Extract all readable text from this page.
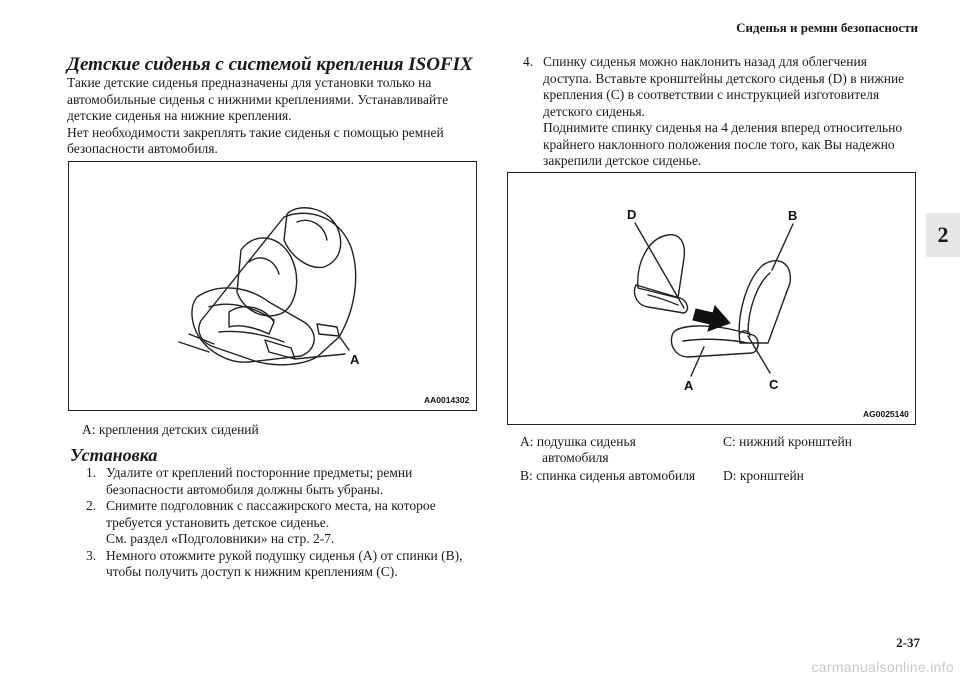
Сиденья и ремни безопасности
2
Детские сиденья с системой крепления ISOFIX

Такие детские сиденья предназначены для установки только на

автомобильные сиденья с нижними креплениями. Устанавливайте

детские сиденья на нижние крепления.

Нет необходимости закреплять такие сиденья с помощью ремней

безопасности автомобиля.

A
AA0014302
A: крепления детских сидений
Установка
1. Удалите от креплений посторонние предметы; ремни
безопасности автомобиля должны быть убраны.
2. Снимите подголовник с пассажирского места, на которое
требуется установить детское сиденье.
См. раздел «Подголовники» на стр. 2-7.
3. Немного отожмите рукой подушку сиденья (A) от спинки (B),
чтобы получить доступ к нижним креплениям (C).
4. Спинку сиденья можно наклонить назад для облегчения
доступа. Вставьте кронштейны детского сиденья (D) в нижние
крепления (C) в соответствии с инструкцией изготовителя
детского сиденья.
Поднимите спинку сиденья на 4 деления вперед относительно
крайнего наклонного положения после того, как Вы надежно
закрепили детское сиденье.
D	B
A	C
AG0025140
A: подушка сиденья
автомобиля
B: спинка сиденья автомобиля
C: нижний кронштейн
D: кронштейн
2-37
carmanualsonline.info
